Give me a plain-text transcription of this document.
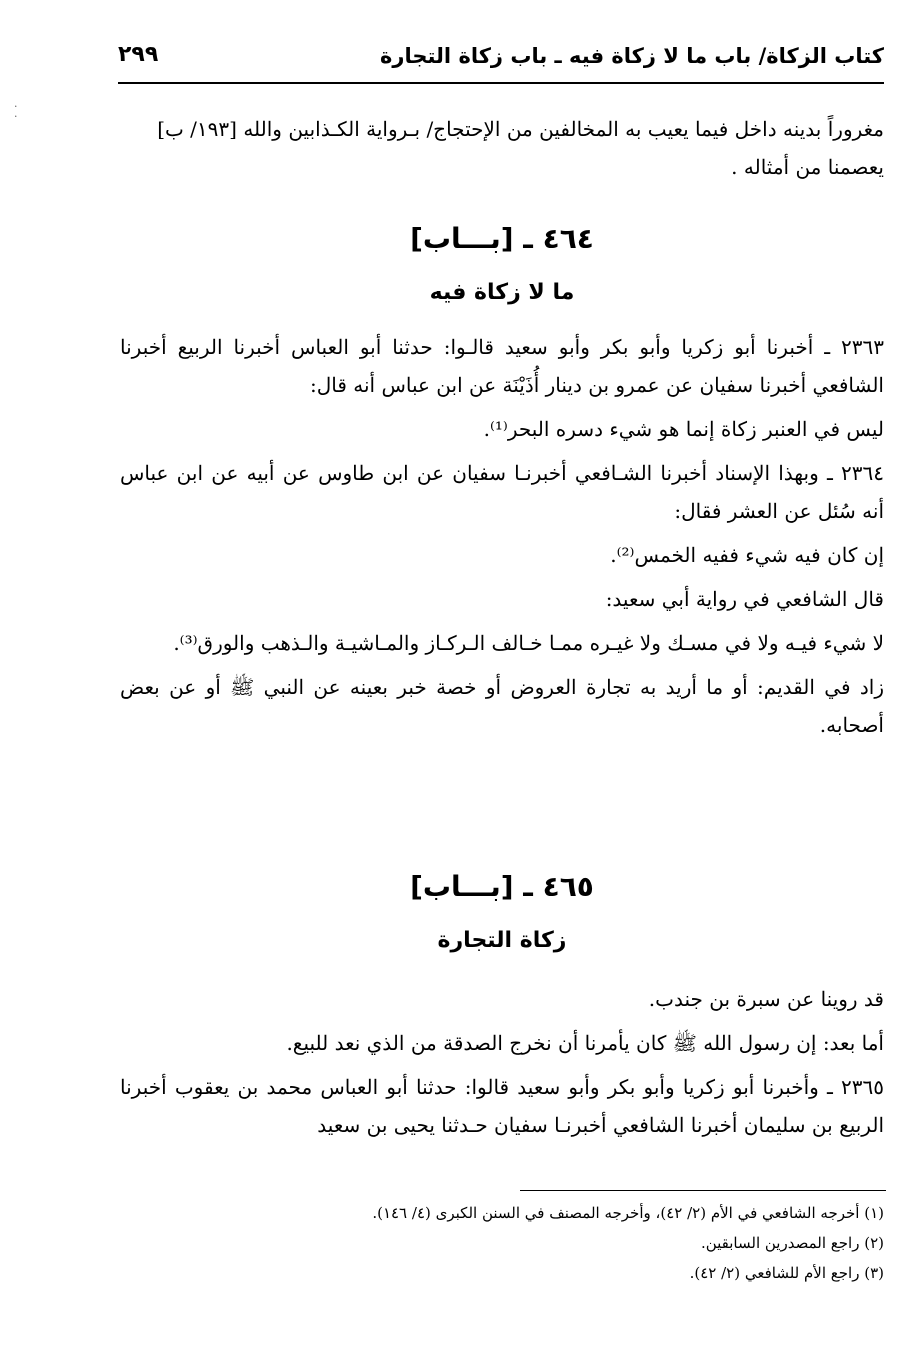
كتاب الزكاة/ باب ما لا زكاة فيه ـ باب زكاة التجارة
٢٩٩
· ·

مغروراً بدينه داخل فيما يعيب به المخالفين من الإحتجاج/ بـرواية الكـذابين والله [١٩٣/ ب]

يعصمنا من أمثاله .

٤٦٤ ـ [بـــاب]
ما لا زكاة فيه

٢٣٦٣ ـ أخبرنا أبو زكريا وأبو بكر وأبو سعيد قالـوا: حدثنا أبو العباس أخبرنا الربيع أخبرنا الشافعي أخبرنا سفيان عن عمرو بن دينار أُذَيْنَة عن ابن عباس أنه قال:

ليس في العنبر زكاة إنما هو شيء دسره البحر⁽¹⁾.

٢٣٦٤ ـ وبهذا الإسناد أخبرنا الشـافعي أخبرنـا سفيان عن ابن طاوس عن أبيه عن ابن عباس أنه سُئل عن العشر فقال:

إن كان فيه شيء ففيه الخمس⁽²⁾.

قال الشافعي في رواية أبي سعيد:

لا شيء فيـه ولا في مسـك ولا غيـره ممـا خـالف الـركـاز والمـاشيـة والـذهب والورق⁽³⁾.

زاد في القديم: أو ما أريد به تجارة العروض أو خصة خبر بعينه عن النبي ﷺ أو عن بعض أصحابه.

٤٦٥ ـ [بـــاب]
زكاة التجارة

قد روينا عن سبرة بن جندب.

أما بعد: إن رسول الله ﷺ كان يأمرنا أن نخرج الصدقة من الذي نعد للبيع.

٢٣٦٥ ـ وأخبرنا أبو زكريا وأبو بكر وأبو سعيد قالوا: حدثنا أبو العباس محمد بن يعقوب أخبرنا الربيع بن سليمان أخبرنا الشافعي أخبرنـا سفيان حـدثنا يحيى بن سعيد

(١) أخرجه الشافعي في الأم (٢/ ٤٢)، وأخرجه المصنف في السنن الكبرى (٤/ ١٤٦).

(٢) راجع المصدرين السابقين.

(٣) راجع الأم للشافعي (٢/ ٤٢).
